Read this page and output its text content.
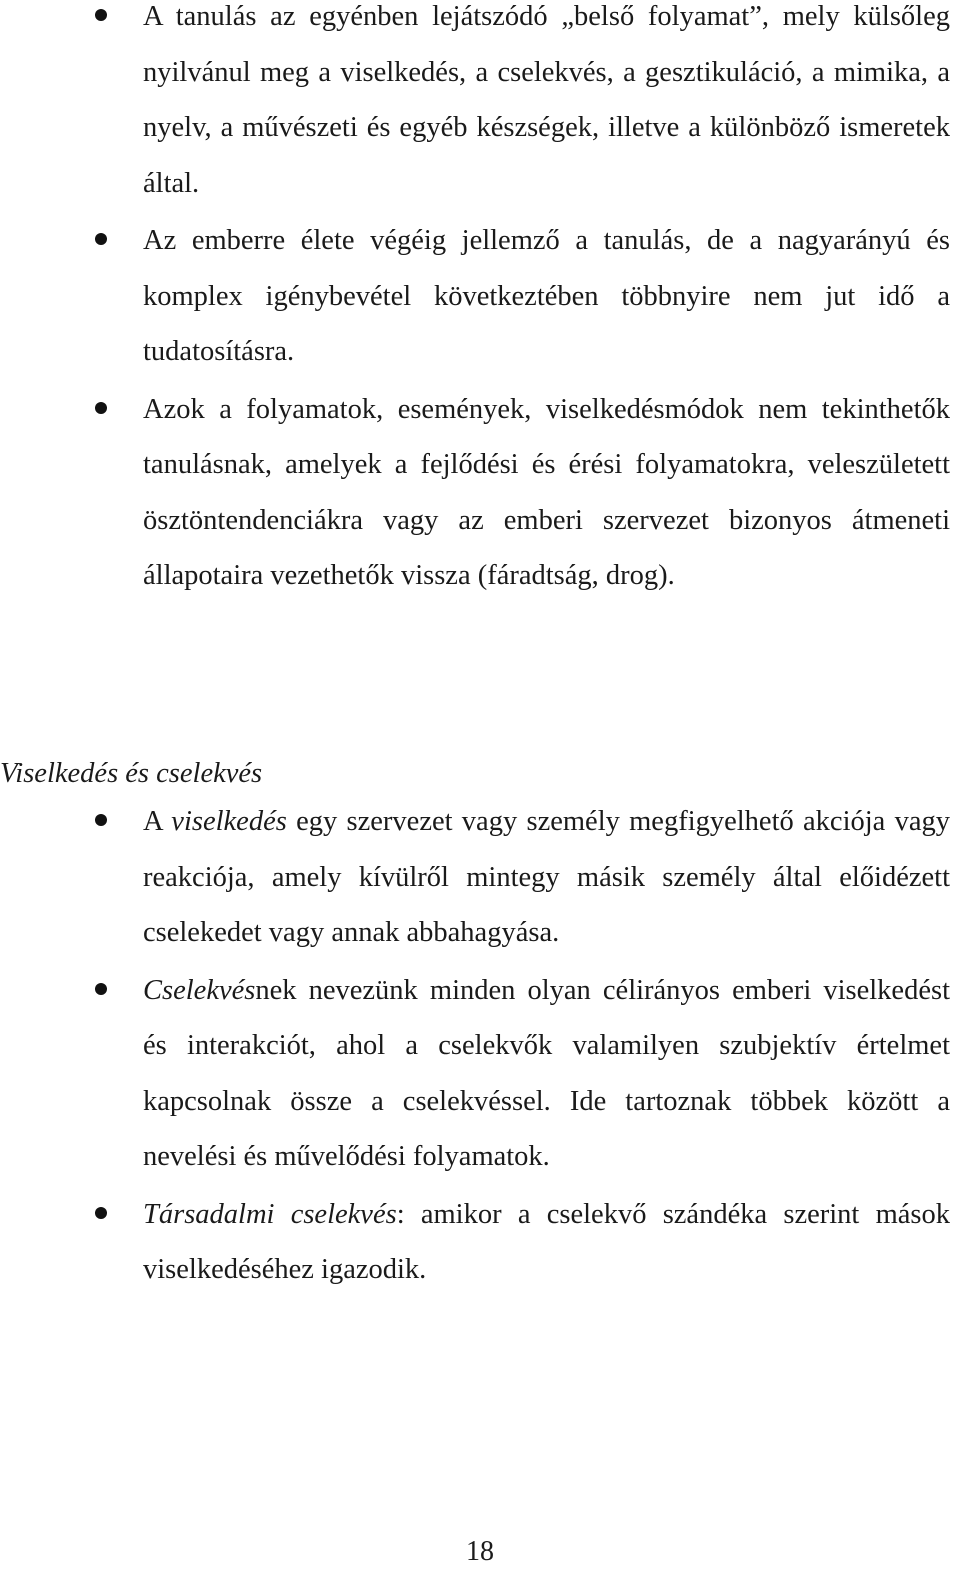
A tanulás az egyénben lejátszódó „belső folyamat”, mely külsőleg nyilvánul meg a viselkedés, a cselekvés, a gesztikuláció, a mimika, a nyelv, a művészeti és egyéb készségek, illetve a különböző ismeretek által.
Az emberre élete végéig jellemző a tanulás, de a nagyarányú és komplex igénybevétel következtében többnyire nem jut idő a tudatosításra.
Azok a folyamatok, események, viselkedésmódok nem tekinthetők tanulásnak, amelyek a fejlődési és érési folyamatokra, veleszületett ösztöntendenciákra vagy az emberi szervezet bizonyos átmeneti állapotaira vezethetők vissza (fáradtság, drog).
Viselkedés és cselekvés
A viselkedés egy szervezet vagy személy megfigyelhető akciója vagy reakciója, amely kívülről mintegy másik személy által előidézett cselekedet vagy annak abbahagyása.
Cselekvésnek nevezünk minden olyan célirányos emberi viselkedést és interakciót, ahol a cselekvők valamilyen szubjektív értelmet kapcsolnak össze a cselekvéssel. Ide tartoznak többek között a nevelési és művelődési folyamatok.
Társadalmi cselekvés: amikor a cselekvő szándéka szerint mások viselkedéséhez igazodik.
18
